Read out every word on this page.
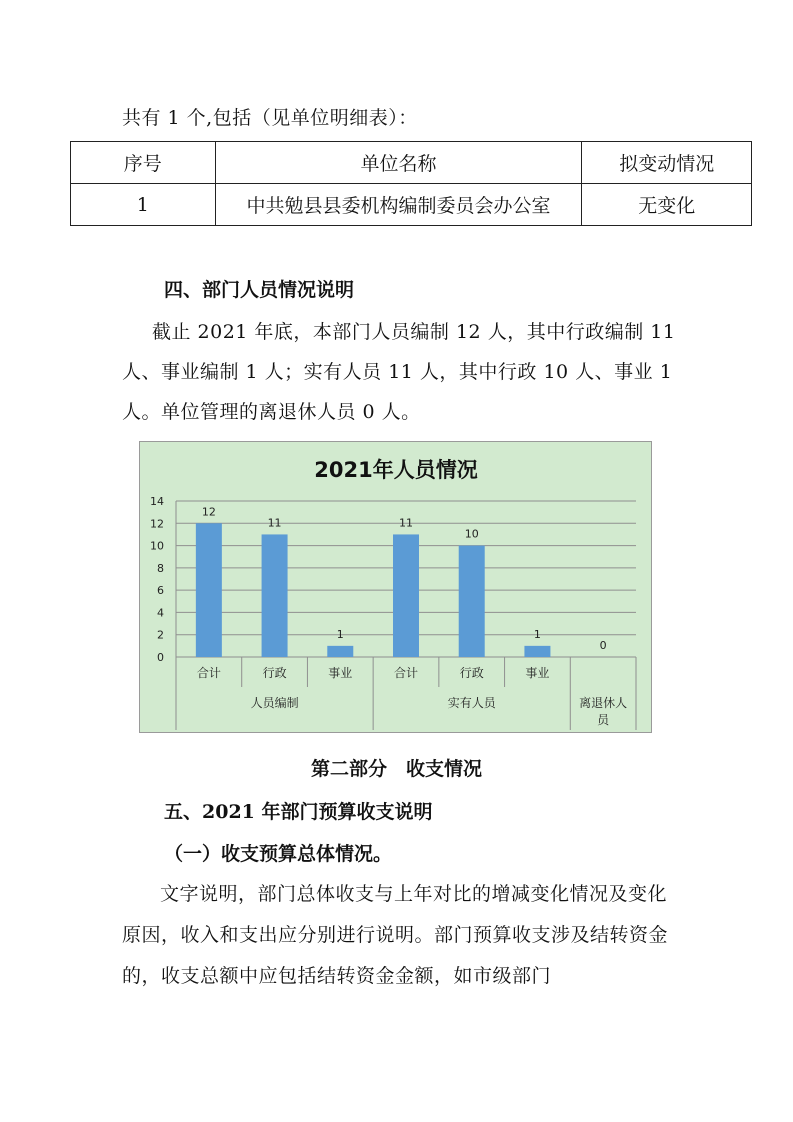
共有 1 个,包括（见单位明细表）：

序号	单位名称	拟变动情况
1	中共勉县县委机构编制委员会办公室	无变化

四、部门人员情况说明

截止 2021 年底，本部门人员编制 12 人，其中行政编制 11 人、事业编制 1 人；实有人员 11 人，其中行政 10 人、事业 1 人。单位管理的离退休人员 0 人。

2021年人员情况
0
2
4
6
8
10
12
14
12
合计
11
行政
1
事业
11
合计
10
行政
1
事业
0
人员编制	实有人员	离退休人员

第二部分　收支情况

五、2021 年部门预算收支说明

（一）收支预算总体情况。

文字说明，部门总体收支与上年对比的增减变化情况及变化原因，收入和支出应分别进行说明。部门预算收支涉及结转资金的，收支总额中应包括结转资金金额，如市级部门
